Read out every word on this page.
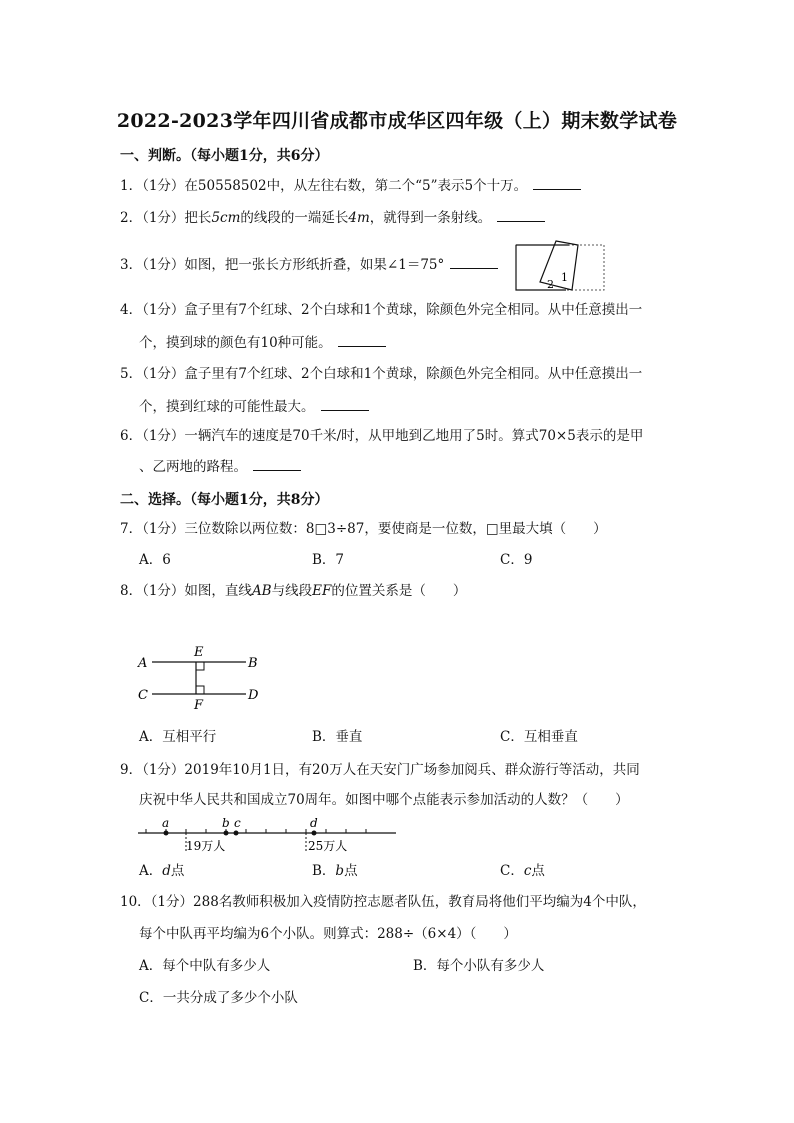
2022-2023学年四川省成都市成华区四年级（上）期末数学试卷
一、判断。（每小题1分，共6分）
1．（1分）在50558502中，从左往右数，第二个“5”表示5个十万。
2．（1分）把长5cm的线段的一端延长4m，就得到一条射线。
3．（1分）如图，把一张长方形纸折叠，如果∠1＝75°
1
2
4．（1分）盒子里有7个红球、2个白球和1个黄球，除颜色外完全相同。从中任意摸出一
个，摸到球的颜色有10种可能。
5．（1分）盒子里有7个红球、2个白球和1个黄球，除颜色外完全相同。从中任意摸出一
个，摸到红球的可能性最大。
6．（1分）一辆汽车的速度是70千米/时，从甲地到乙地用了5时。算式70×5表示的是甲
、乙两地的路程。
二、选择。（每小题1分，共8分）
7．（1分）三位数除以两位数：8□3÷87，要使商是一位数，□里最大填（　　）
A．6	B．7	C．9
8．（1分）如图，直线AB与线段EF的位置关系是（　　）
A	B
C	D
E
F
A．互相平行	B．垂直	C．互相垂直
9．（1分）2019年10月1日，有20万人在天安门广场参加阅兵、群众游行等活动，共同
庆祝中华人民共和国成立70周年。如图中哪个点能表示参加活动的人数？（　　）
a	b c	d
19万人	25万人
A．d点	B．b点	C．c点
10．（1分）288名教师积极加入疫情防控志愿者队伍，教育局将他们平均编为4个中队，
每个中队再平均编为6个小队。则算式：288÷（6×4）（　　）
A．每个中队有多少人	B．每个小队有多少人
C．一共分成了多少个小队
